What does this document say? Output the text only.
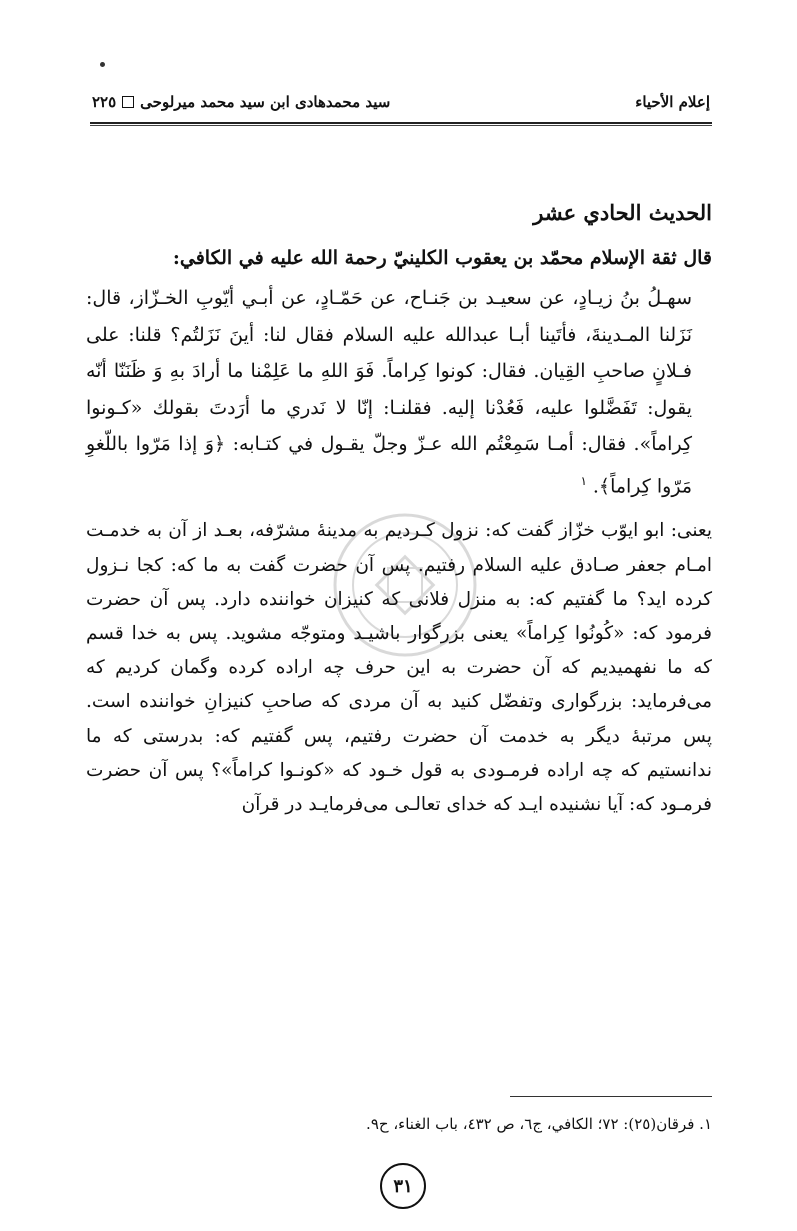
إعلام الأحياء
سيد محمدهادى ابن سيد محمد ميرلوحى
٢٢٥
الحديث الحادي عشر
قال ثقة الإسلام محمّد بن يعقوب الكلينيّ رحمة الله عليه في الكافي:

سهـلُ بنُ زيـادٍ، عن سعيـد بن جَنـاح، عن حَمّـادٍ، عن أبـي أيّوبِ الخـزّاز، قال: نَزَلنا المـدينةَ، فأتَينا أبـا عبدالله عليه السلام فقال لنا: أينَ نَزَلتُم؟ قلنا: على فـلانٍ صاحبِ القِيان. فقال: كونوا كِراماً. فَوَ اللهِ ما عَلِمْنا ما أرادَ بهِ وَ ظَنَنّا أنّه يقول: تَفَضَّلوا عليه، فَعُدْنا إليه. فقلنـا: إنّا لا نَدري ما أرَدتَ بقولك «كـونوا كِراماً». فقال: أمـا سَمِعْتُم الله عـزّ وجلّ يقـول في كتـابه: ﴿وَ إذا مَرّوا باللّغوِ مَرّوا كِراماً﴾.$^١$

يعنى: ابو ايوّب خزّاز گفت كه: نزول كـرديم به مدينهٔ مشرّفه، بعـد از آن به خدمـت امـام جعفر صـادق عليه السلام رفتيم. پس آن حضرت گفت به ما كه: كجا نـزول كرده ايد؟ ما گفتيم كه: به منزل فلانى كه كنيزان خواننده دارد. پس آن حضرت فرمود كه: «كُونُوا كِراماً» يعنى بزرگوار باشيـد ومتوجّه مشويد. پس به خدا قسم كه ما نفهميديم كه آن حضرت به اين حرف چه اراده كرده وگمان كرديم كه مى‌فرمايد: بزرگوارى وتفضّل كنيد به آن مردى كه صاحبِ كنيزانِ خواننده است. پس مرتبهٔ ديگر به خدمت آن حضرت رفتيم، پس گفتيم كه: بدرستى كه ما ندانستيم كه چه اراده فرمـودى به قول خـود كه «كونـوا كراماً»؟ پس آن حضرت فرمـود كه: آيا نشنيده ايـد كه خداى تعالـى مى‌فرمايـد در قرآن

١. فرقان(٢٥): ٧٢؛ الكافي، ج٦، ص ٤٣٢، باب الغناء، ح٩.
٣١
